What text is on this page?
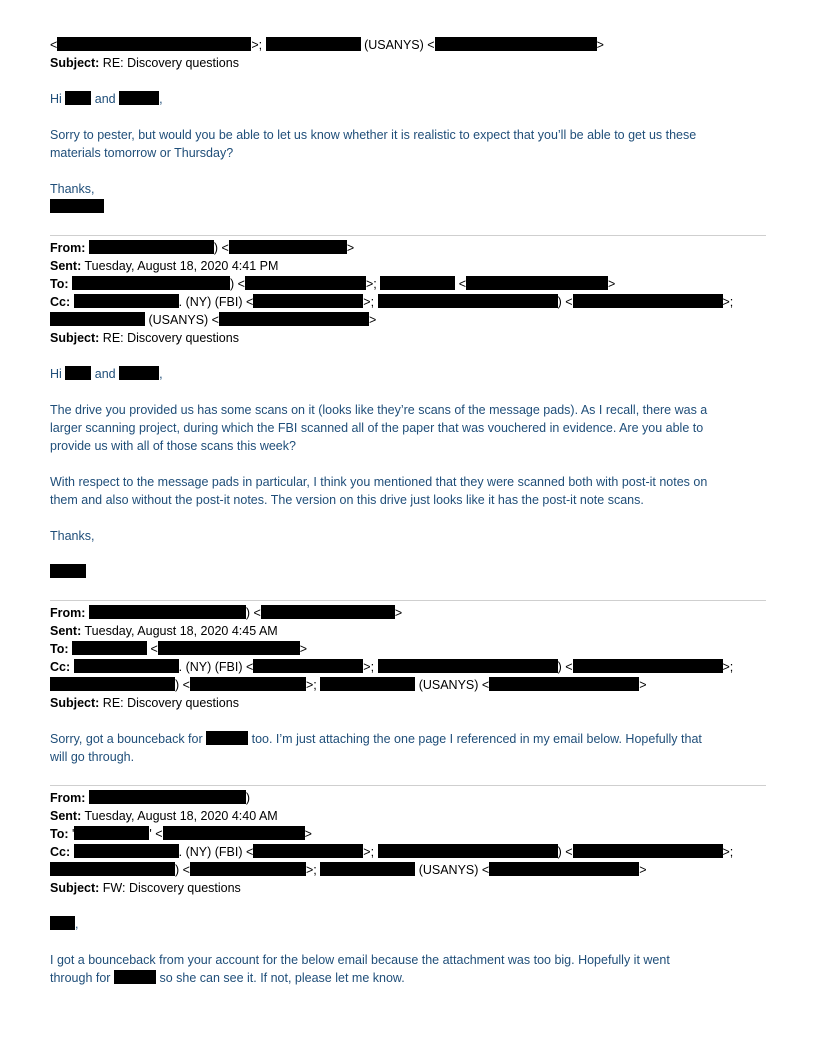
<	>;	(USANYS) <	>
Subject: RE: Discovery questions
Hi	and	,
Sorry to pester, but would you be able to let us know whether it is realistic to expect that you’ll be able to get us these
materials tomorrow or Thursday?
Thanks,
From:	) <	>
Sent: Tuesday, August 18, 2020 4:41 PM
To:	) <	>;	<	>
Cc:	. (NY) (FBI) <	>;	) <	>;
(USANYS) <	>
Subject: RE: Discovery questions
Hi	and	,
The drive you provided us has some scans on it (looks like they’re scans of the message pads). As I recall, there was a
larger scanning project, during which the FBI scanned all of the paper that was vouchered in evidence. Are you able to
provide us with all of those scans this week?
With respect to the message pads in particular, I think you mentioned that they were scanned both with post-it notes on
them and also without the post-it notes. The version on this drive just looks like it has the post-it note scans.
Thanks,
From:	) <	>
Sent: Tuesday, August 18, 2020 4:45 AM
To:	<	>
Cc:	. (NY) (FBI) <	>;	) <	>;
) <	>;	(USANYS) <	>
Subject: RE: Discovery questions
Sorry, got a bounceback for	too. I’m just attaching the one page I referenced in my email below. Hopefully that
will go through.
From:	)
Sent: Tuesday, August 18, 2020 4:40 AM
To: '	' <	>
Cc:	. (NY) (FBI) <	>;	) <	>;
) <	>;	(USANYS) <	>
Subject: FW: Discovery questions
,
I got a bounceback from your account for the below email because the attachment was too big. Hopefully it went
through for	so she can see it. If not, please let me know.
